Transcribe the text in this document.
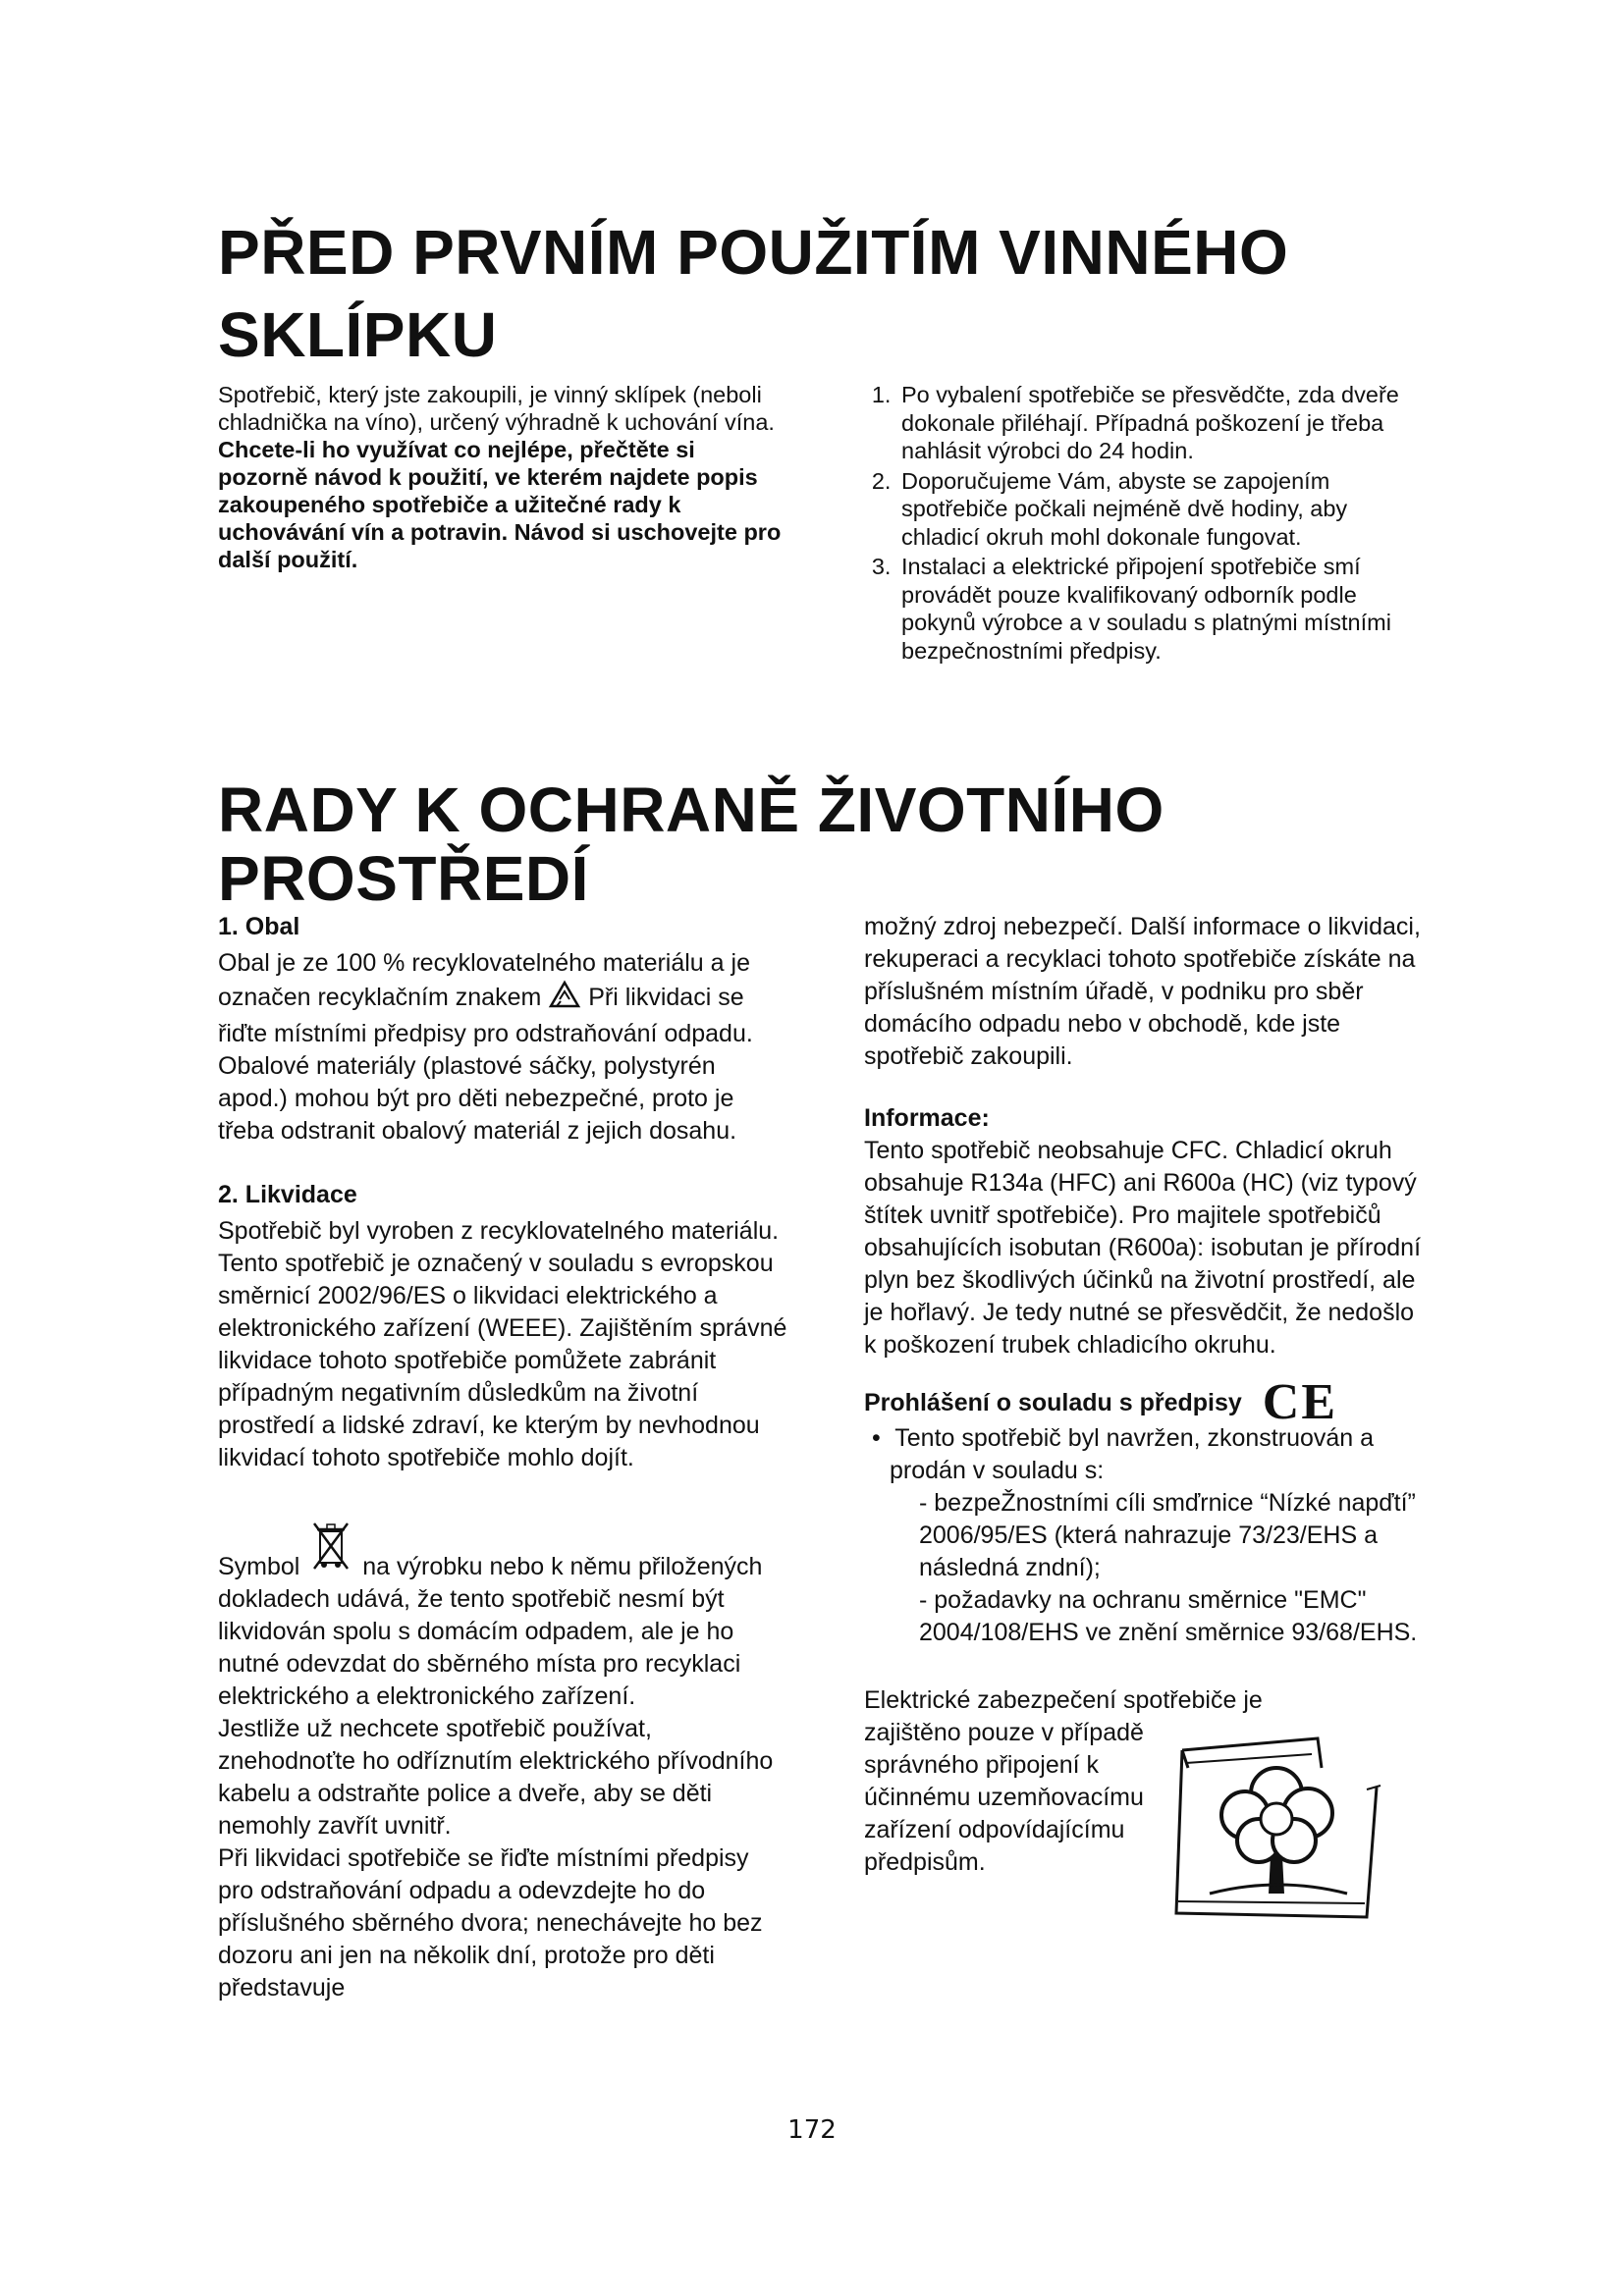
PŘED PRVNÍM POUŽITÍM VINNÉHO
SKLÍPKU

Spotřebič, který jste zakoupili, je vinný sklípek (neboli chladnička na víno), určený výhradně k uchování vína.

Chcete-li ho využívat co nejlépe, přečtěte si pozorně návod k použití, ve kterém najdete popis zakoupeného spotřebiče a užitečné rady k uchovávání vín a potravin. Návod si uschovejte pro další použití.

1. Po vybalení spotřebiče se přesvědčte, zda dveře dokonale přiléhají. Případná poškození je třeba nahlásit výrobci do 24 hodin.
2. Doporučujeme Vám, abyste se zapojením spotřebiče počkali nejméně dvě hodiny, aby chladicí okruh mohl dokonale fungovat.
3. Instalaci a elektrické připojení spotřebiče smí provádět pouze kvalifikovaný odborník podle pokynů výrobce a v souladu s platnými místními bezpečnostními předpisy.
RADY K OCHRANĚ ŽIVOTNÍHO
PROSTŘEDÍ
1. Obal

Obal je ze 100 % recyklovatelného materiálu a je označen recyklačním znakem Při likvidaci se řiďte místními předpisy pro odstraňování odpadu. Obalové materiály (plastové sáčky, polystyrén apod.) mohou být pro děti nebezpečné, proto je třeba odstranit obalový materiál z jejich dosahu.

2. Likvidace

Spotřebič byl vyroben z recyklovatelného materiálu.

Tento spotřebič je označený v souladu s evropskou směrnicí 2002/96/ES o likvidaci elektrického a elektronického zařízení (WEEE). Zajištěním správné likvidace tohoto spotřebiče pomůžete zabránit případným negativním důsledkům na životní prostředí a lidské zdraví, ke kterým by nevhodnou likvidací tohoto spotřebiče mohlo dojít.

Symbol	na výrobku nebo k němu přiložených dokladech udává, že tento spotřebič nesmí být likvidován spolu s domácím odpadem, ale je ho nutné odevzdat do sběrného místa pro recyklaci elektrického a elektronického zařízení.

Jestliže už nechcete spotřebič používat, znehodnoťte ho odříznutím elektrického přívodního kabelu a odstraňte police a dveře, aby se děti nemohly zavřít uvnitř.

Při likvidaci spotřebiče se řiďte místními předpisy pro odstraňování odpadu a odevzdejte ho do příslušného sběrného dvora; nenechávejte ho bez dozoru ani jen na několik dní, protože pro děti představuje

možný zdroj nebezpečí. Další informace o likvidaci, rekuperaci a recyklaci tohoto spotřebiče získáte na příslušném místním úřadě, v podniku pro sběr domácího odpadu nebo v obchodě, kde jste spotřebič zakoupili.

Informace:

Tento spotřebič neobsahuje CFC. Chladicí okruh obsahuje R134a (HFC) ani R600a (HC) (viz typový štítek uvnitř spotřebiče). Pro majitele spotřebičů obsahujících isobutan (R600a): isobutan je přírodní plyn bez škodlivých účinků na životní prostředí, ale je hořlavý. Je tedy nutné se přesvědčit, že nedošlo k poškození trubek chladicího okruhu.

Prohlášení o souladu s předpisy CE
• Tento spotřebič byl navržen, zkonstruován a prodán v souladu s:
- bezpeŽnostními cíli smďrnice “Nízké napďtí” 2006/95/ES (která nahrazuje 73/23/EHS a následná zndní);
- požadavky na ochranu směrnice "EMC" 2004/108/EHS ve znění směrnice 93/68/EHS.

Elektrické zabezpečení spotřebiče je

zajištěno pouze v případě správného připojení k účinnému uzemňovacímu zařízení odpovídajícímu předpisům.

172
